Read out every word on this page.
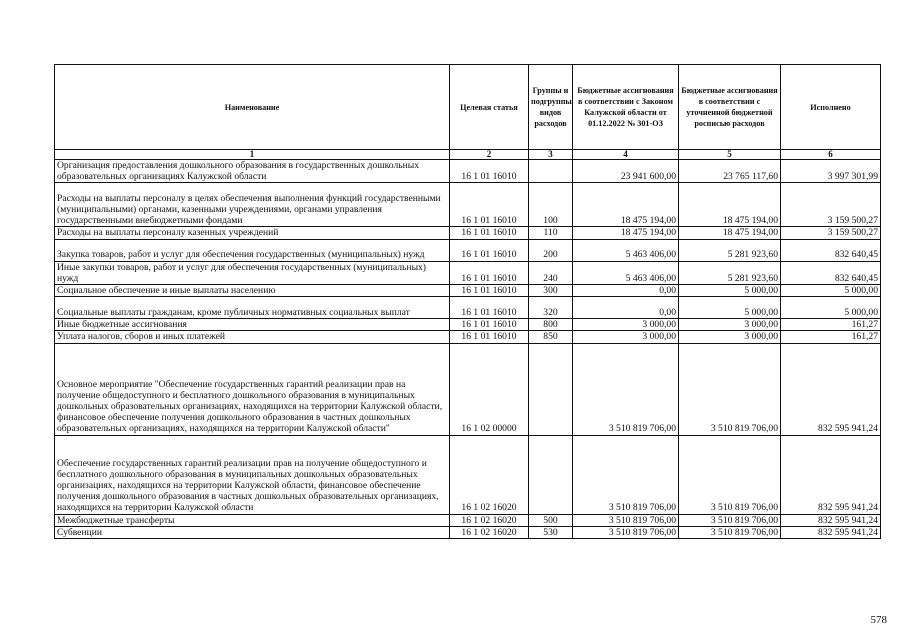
Наименование	Целевая статья	Группы и подгруппы видов расходов	Бюджетные ассигнования в соответствии с Законом Калужской области от 01.12.2022 № 301-ОЗ	Бюджетные ассигнования в соответствии с уточненной бюджетной росписью расходов	Исполнено
1	2	3	4	5	6
Организация предоставления дошкольного образования в государственных дошкольных образовательных организациях Калужской области	16 1 01 16010		23 941 600,00	23 765 117,60	3 997 301,99
Расходы на выплаты персоналу в целях обеспечения выполнения функций государственными (муниципальными) органами, казенными учреждениями, органами управления государственными внебюджетными фондами	16 1 01 16010	100	18 475 194,00	18 475 194,00	3 159 500,27
Расходы на выплаты персоналу казенных учреждений	16 1 01 16010	110	18 475 194,00	18 475 194,00	3 159 500,27
Закупка товаров, работ и услуг для обеспечения государственных (муниципальных) нужд	16 1 01 16010	200	5 463 406,00	5 281 923,60	832 640,45
Иные закупки товаров, работ и услуг для обеспечения государственных (муниципальных) нужд	16 1 01 16010	240	5 463 406,00	5 281 923,60	832 640,45
Социальное обеспечение и иные выплаты населению	16 1 01 16010	300	0,00	5 000,00	5 000,00
Социальные выплаты гражданам, кроме публичных нормативных социальных выплат	16 1 01 16010	320	0,00	5 000,00	5 000,00
Иные бюджетные ассигнования	16 1 01 16010	800	3 000,00	3 000,00	161,27
Уплата налогов, сборов и иных платежей	16 1 01 16010	850	3 000,00	3 000,00	161,27
Основное мероприятие "Обеспечение государственных гарантий реализации прав на получение общедоступного и бесплатного дошкольного образования в муниципальных дошкольных образовательных организациях, находящихся на территории Калужской области, финансовое обеспечение получения дошкольного образования в частных дошкольных образовательных организациях, находящихся на территории Калужской области"	16 1 02 00000		3 510 819 706,00	3 510 819 706,00	832 595 941,24
Обеспечение государственных гарантий реализации прав на получение общедоступного и бесплатного дошкольного образования в муниципальных дошкольных образовательных организациях, находящихся на территории Калужской области, финансовое обеспечение получения дошкольного образования в частных дошкольных образовательных организациях, находящихся на территории Калужской области	16 1 02 16020		3 510 819 706,00	3 510 819 706,00	832 595 941,24
Межбюджетные трансферты	16 1 02 16020	500	3 510 819 706,00	3 510 819 706,00	832 595 941,24
Субвенции	16 1 02 16020	530	3 510 819 706,00	3 510 819 706,00	832 595 941,24
578
